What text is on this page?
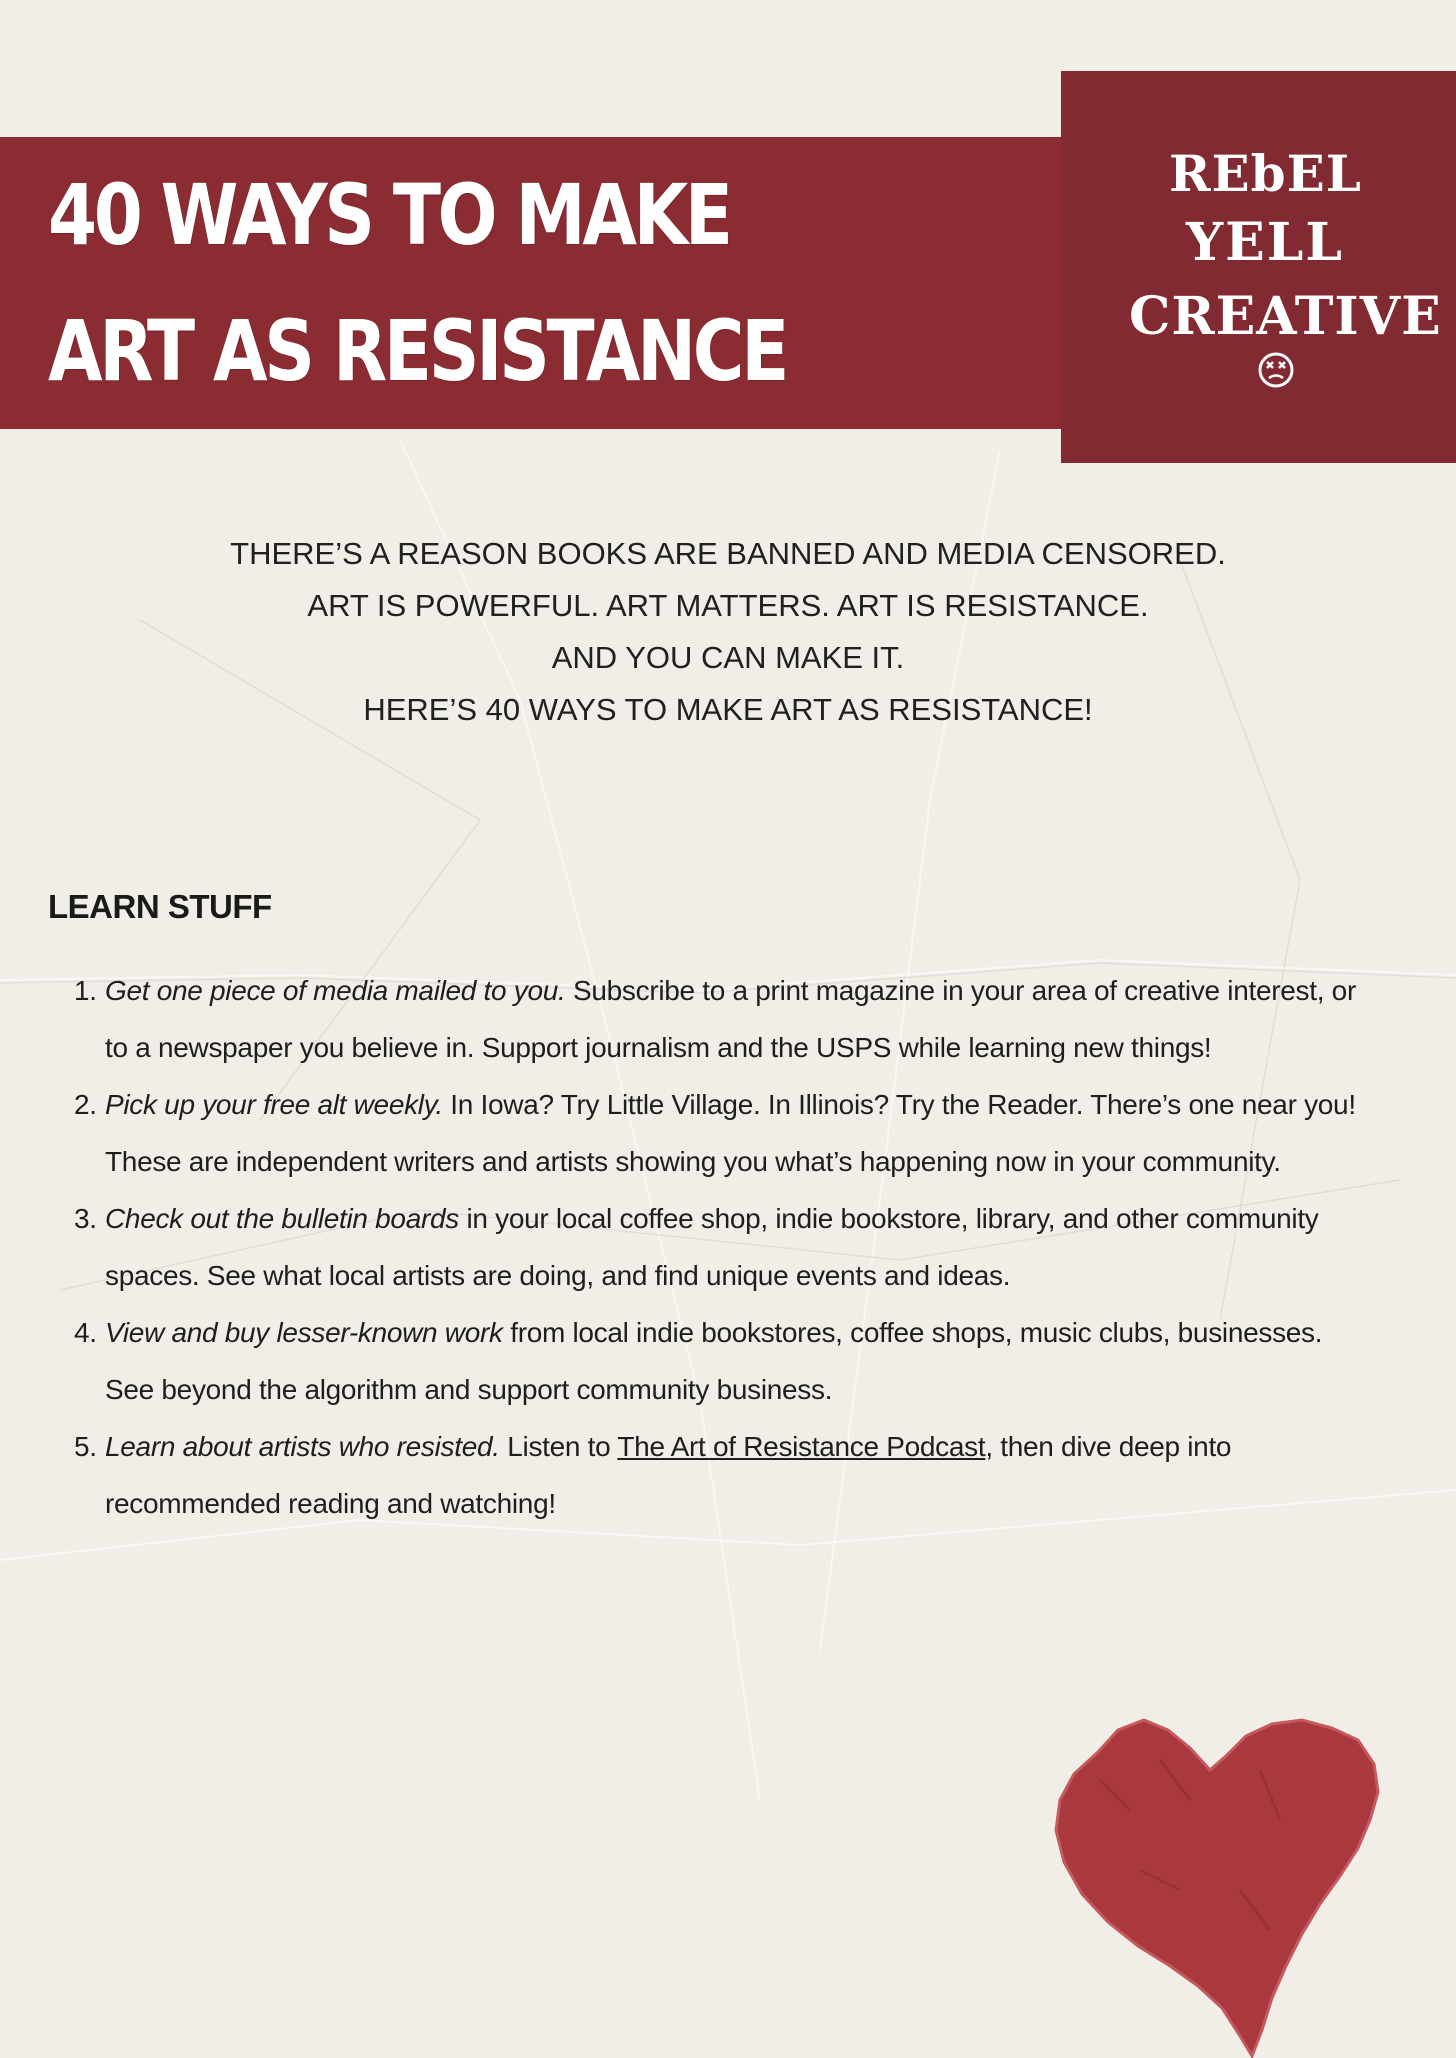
40 WAYS TO MAKE
ART AS RESISTANCE
REbEL
YELL
CREATIVE
THERE’S A REASON BOOKS ARE BANNED AND MEDIA CENSORED.
ART IS POWERFUL. ART MATTERS. ART IS RESISTANCE.
AND YOU CAN MAKE IT.
HERE’S 40 WAYS TO MAKE ART AS RESISTANCE!
LEARN STUFF
1. Get one piece of media mailed to you. Subscribe to a print magazine in your area of creative interest, or to a newspaper you believe in. Support journalism and the USPS while learning new things!
2. Pick up your free alt weekly. In Iowa? Try Little Village. In Illinois? Try the Reader. There’s one near you! These are independent writers and artists showing you what’s happening now in your community.
3. Check out the bulletin boards in your local coffee shop, indie bookstore, library, and other community spaces. See what local artists are doing, and find unique events and ideas.
4. View and buy lesser-known work from local indie bookstores, coffee shops, music clubs, businesses. See beyond the algorithm and support community business.
5. Learn about artists who resisted. Listen to The Art of Resistance Podcast, then dive deep into recommended reading and watching!
